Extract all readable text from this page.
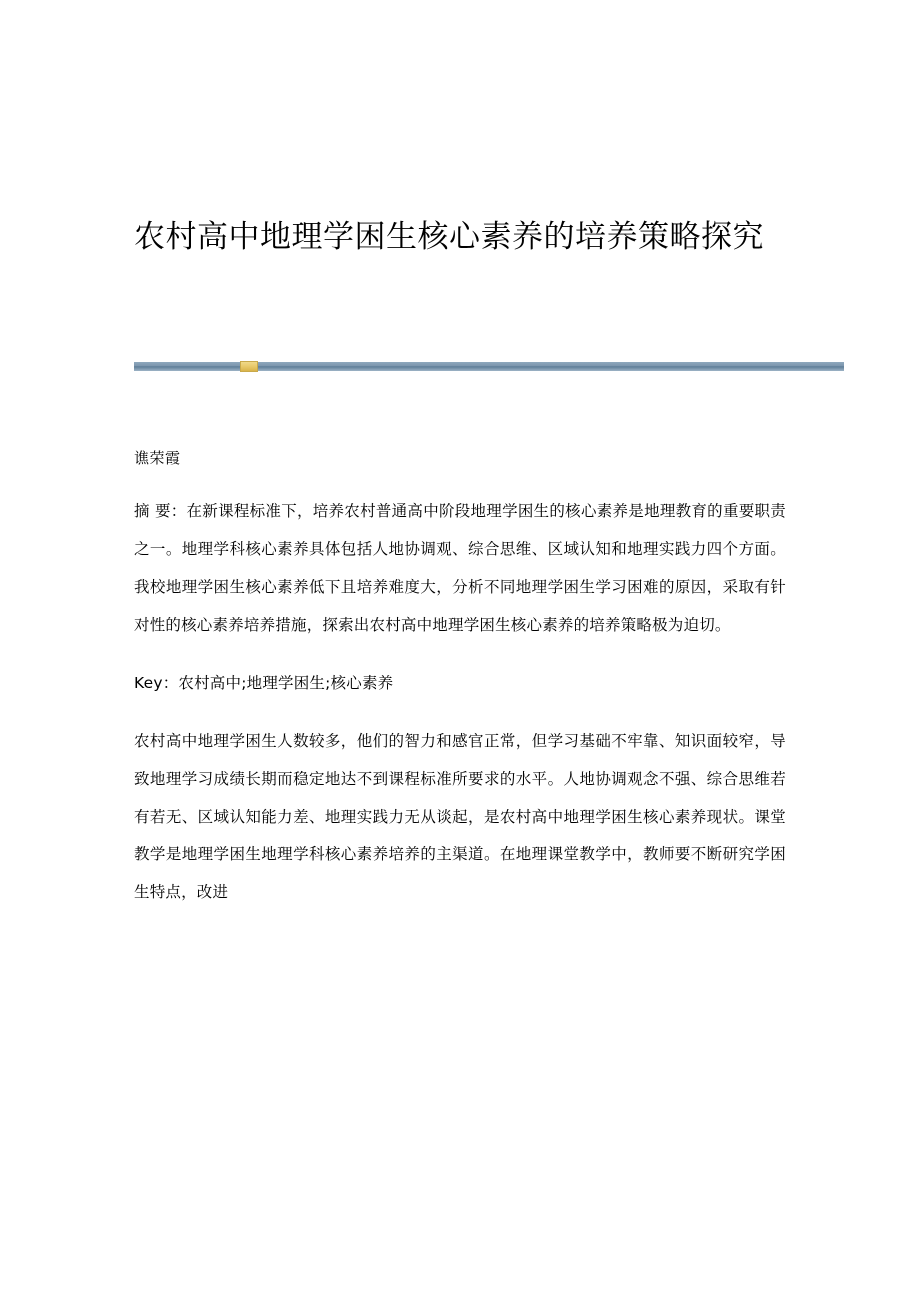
农村高中地理学困生核心素养的培养策略探究
谯荣霞

摘 要：在新课程标准下，培养农村普通高中阶段地理学困生的核心素养是地理教育的重要职责之一。地理学科核心素养具体包括人地协调观、综合思维、区域认知和地理实践力四个方面。我校地理学困生核心素养低下且培养难度大，分析不同地理学困生学习困难的原因，采取有针对性的核心素养培养措施，探索出农村高中地理学困生核心素养的培养策略极为迫切。

Key：农村高中;地理学困生;核心素养

农村高中地理学困生人数较多，他们的智力和感官正常，但学习基础不牢靠、知识面较窄，导致地理学习成绩长期而稳定地达不到课程标准所要求的水平。人地协调观念不强、综合思维若有若无、区域认知能力差、地理实践力无从谈起，是农村高中地理学困生核心素养现状。课堂教学是地理学困生地理学科核心素养培养的主渠道。在地理课堂教学中，教师要不断研究学困生特点，改进
